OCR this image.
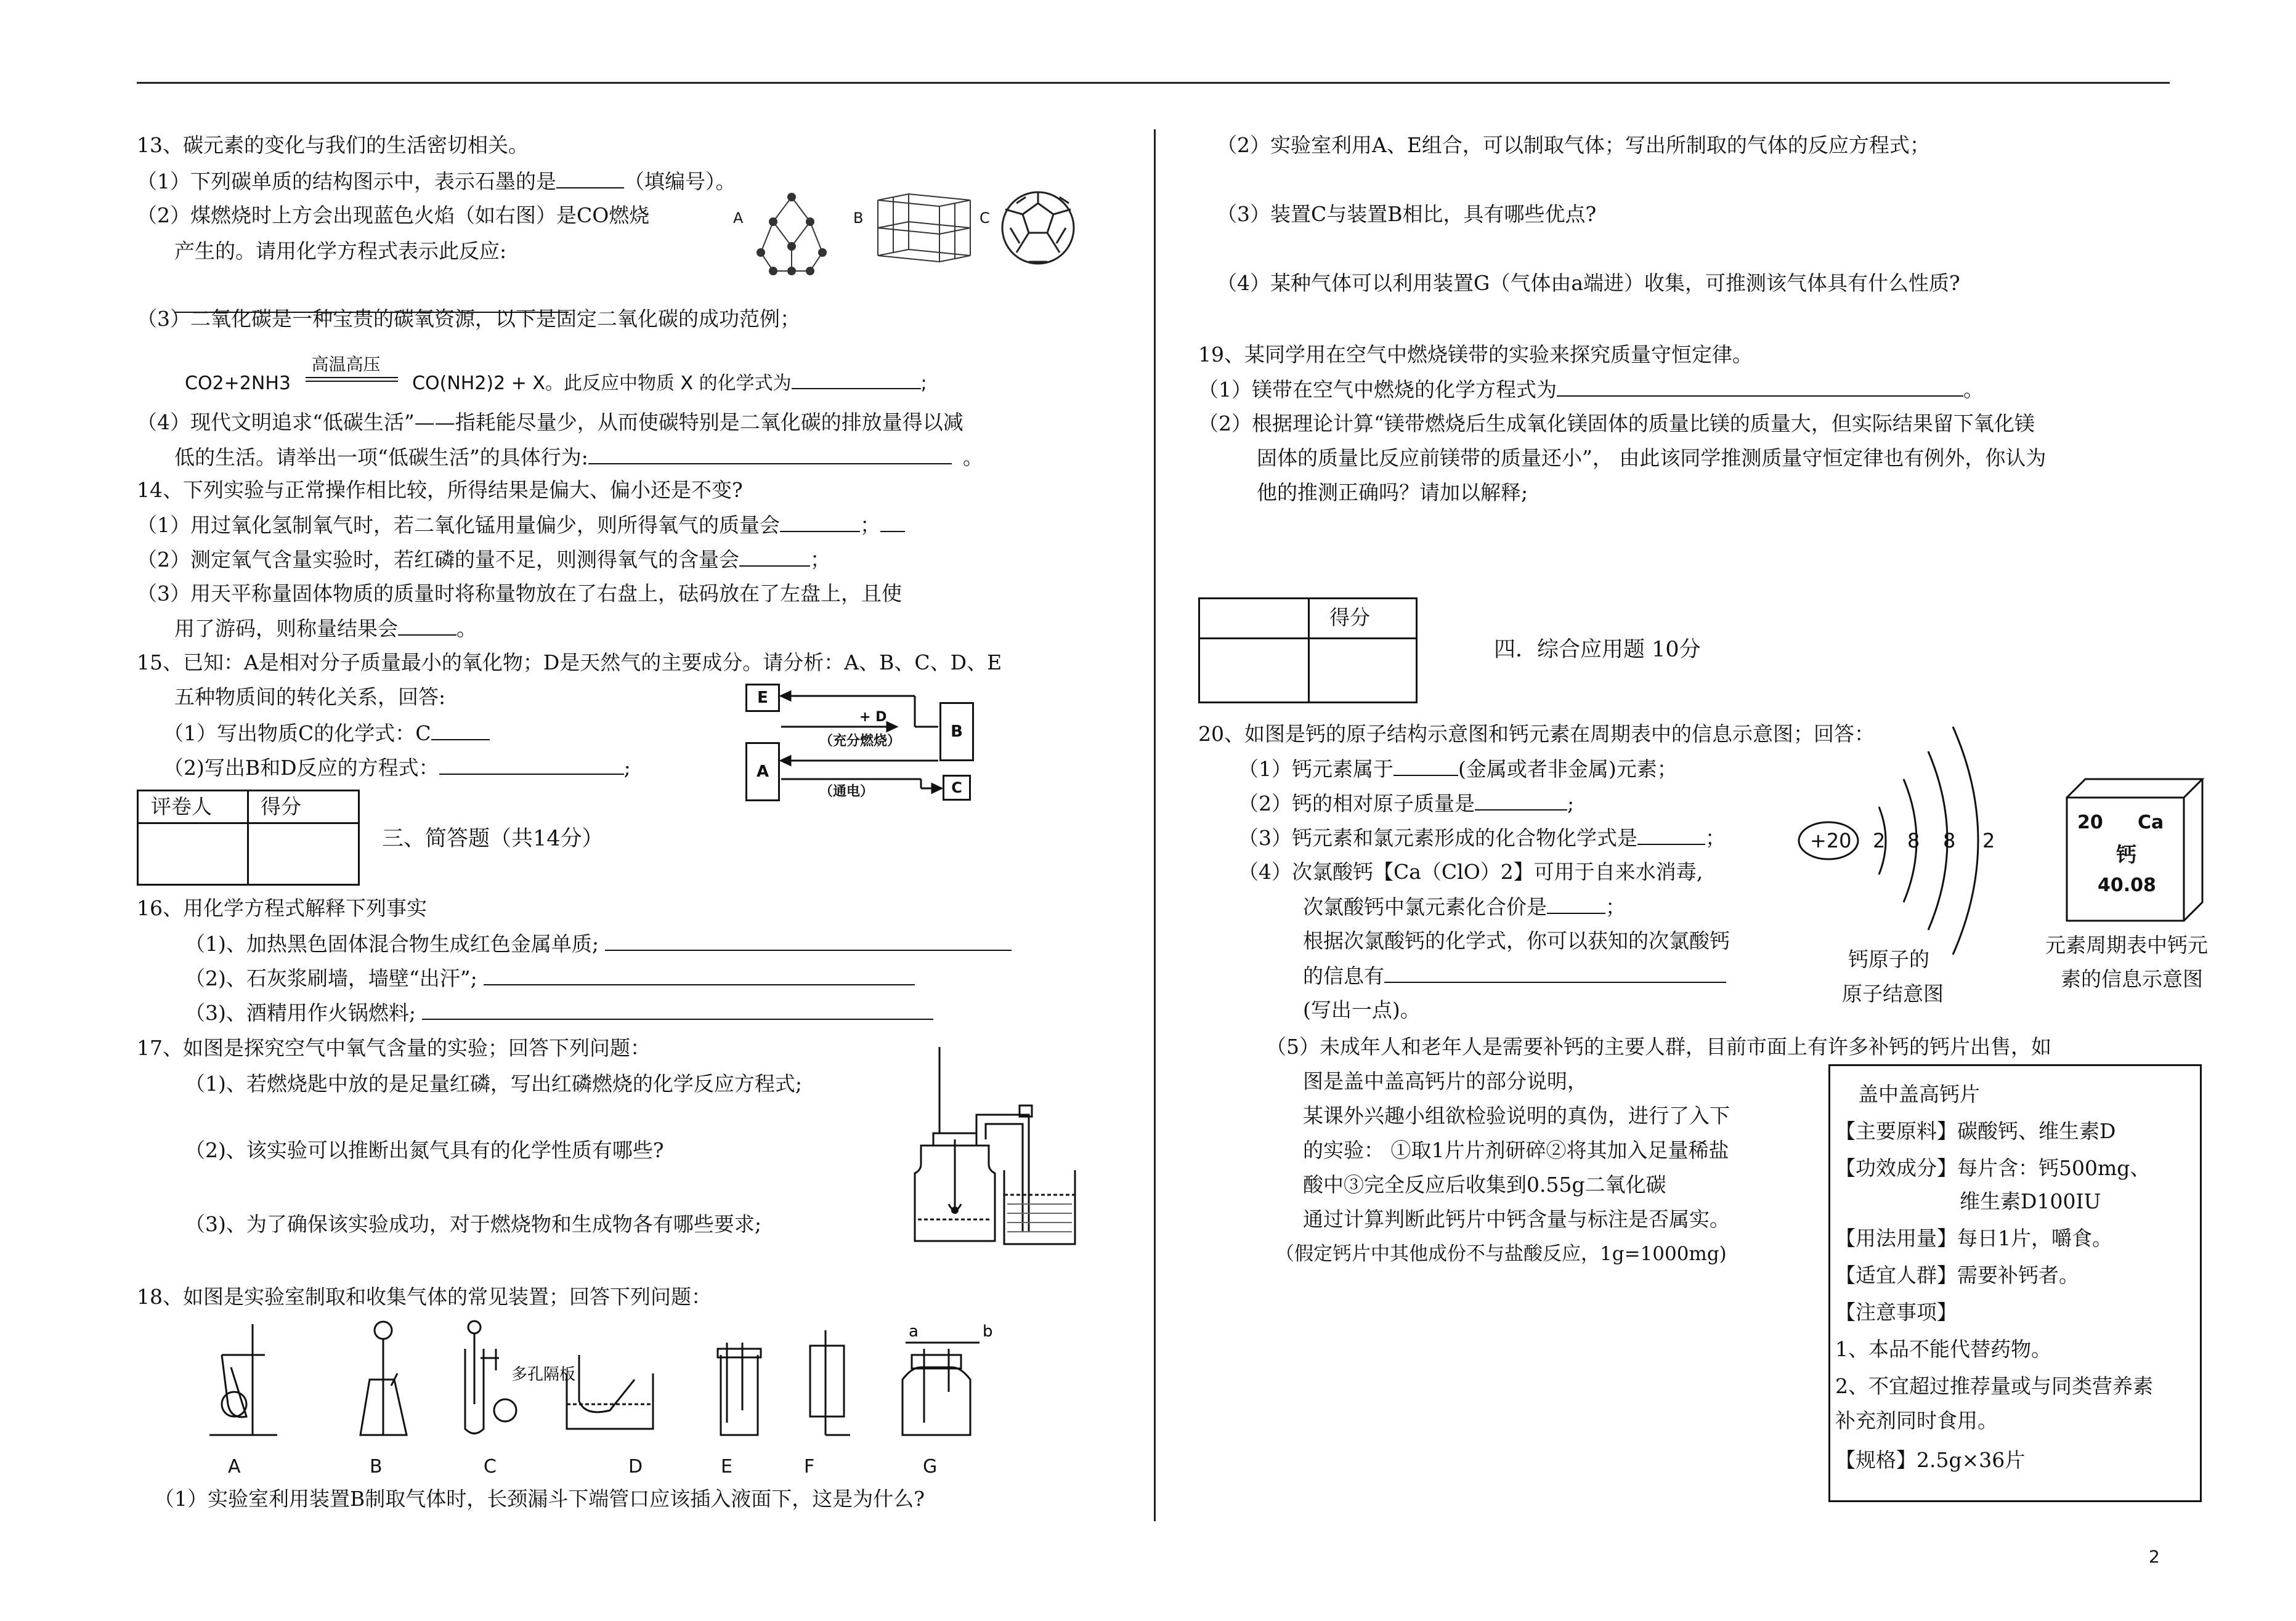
13、碳元素的变化与我们的生活密切相关。
（1）下列碳单质的结构图示中，表示石墨的是	（填编号）。
（2）煤燃烧时上方会出现蓝色火焰（如右图）是CO燃烧
产生的。请用化学方程式表示此反应:
A	B	C
（3）二氧化碳是一种宝贵的碳氧资源，以下是固定二氧化碳的成功范例；
CO2+2NH3
高温高压
CO(NH2)2 + X。此反应中物质 X 的化学式为	;
（4）现代文明追求“低碳生活”——指耗能尽量少，从而使碳特别是二氧化碳的排放量得以减
低的生活。请举出一项“低碳生活”的具体行为:	。
14、下列实验与正常操作相比较，所得结果是偏大、偏小还是不变?
（1）用过氧化氢制氧气时，若二氧化锰用量偏少，则所得氧气的质量会	；
（2）测定氧气含量实验时，若红磷的量不足，则测得氧气的含量会	；
（3）用天平称量固体物质的质量时将称量物放在了右盘上，砝码放在了左盘上，且使
用了游码，则称量结果会	。
15、已知：A是相对分子质量最小的氧化物；D是天然气的主要成分。请分析：A、B、C、D、E
五种物质间的转化关系，回答:
（1）写出物质C的化学式：C
（2)写出B和D反应的方程式：	;
E
B
A
C
+ D
（充分燃烧）
（通电）
评卷人 得分
三、简答题（共14分）
16、用化学方程式解释下列事实
（1)、加热黑色固体混合物生成红色金属单质;
（2)、石灰浆刷墙，墙壁“出汗”;
（3)、酒精用作火锅燃料;
17、如图是探究空气中氧气含量的实验；回答下列问题：
（1)、若燃烧匙中放的是足量红磷，写出红磷燃烧的化学反应方程式;
（2)、该实验可以推断出氮气具有的化学性质有哪些?
（3)、为了确保该实验成功，对于燃烧物和生成物各有哪些要求;
18、如图是实验室制取和收集气体的常见装置；回答下列问题：
多孔隔板
a	b
A	B	C	D	E	F	G
（1）实验室利用装置B制取气体时，长颈漏斗下端管口应该插入液面下，这是为什么?
（2）实验室利用A、E组合，可以制取气体；写出所制取的气体的反应方程式；
（3）装置C与装置B相比，具有哪些优点?
（4）某种气体可以利用装置G（气体由a端进）收集，可推测该气体具有什么性质?
19、某同学用在空气中燃烧镁带的实验来探究质量守恒定律。
（1）镁带在空气中燃烧的化学方程式为	。
（2）根据理论计算“镁带燃烧后生成氧化镁固体的质量比镁的质量大，但实际结果留下氧化镁
固体的质量比反应前镁带的质量还小”， 由此该同学推测质量守恒定律也有例外，你认为
他的推测正确吗？请加以解释;
得分
四．综合应用题 10分
20、如图是钙的原子结构示意图和钙元素在周期表中的信息示意图；回答：
（1）钙元素属于	(金属或者非金属)元素；
（2）钙的相对原子质量是	;
（3）钙元素和氯元素形成的化合物化学式是	；
（4）次氯酸钙【Ca（ClO）2】可用于自来水消毒,
次氯酸钙中氯元素化合价是	；
根据次氯酸钙的化学式，你可以获知的次氯酸钙
的信息有
(写出一点)。
+20 2 8 8 2
钙原子的
原子结意图
20 Ca
钙
40.08
元素周期表中钙元
素的信息示意图
（5）未成年人和老年人是需要补钙的主要人群，目前市面上有许多补钙的钙片出售，如
图是盖中盖高钙片的部分说明，
某课外兴趣小组欲检验说明的真伪，进行了入下
的实验： ①取1片片剂研碎②将其加入足量稀盐
酸中③完全反应后收集到0.55g二氧化碳
通过计算判断此钙片中钙含量与标注是否属实。
（假定钙片中其他成份不与盐酸反应，1g=1000mg)
盖中盖高钙片
【主要原料】碳酸钙、维生素D
【功效成分】每片含：钙500mg、
维生素D100IU
【用法用量】每日1片，嚼食。
【适宜人群】需要补钙者。
【注意事项】
1、本品不能代替药物。
2、不宜超过推荐量或与同类营养素
补充剂同时食用。
【规格】2.5g×36片
2
